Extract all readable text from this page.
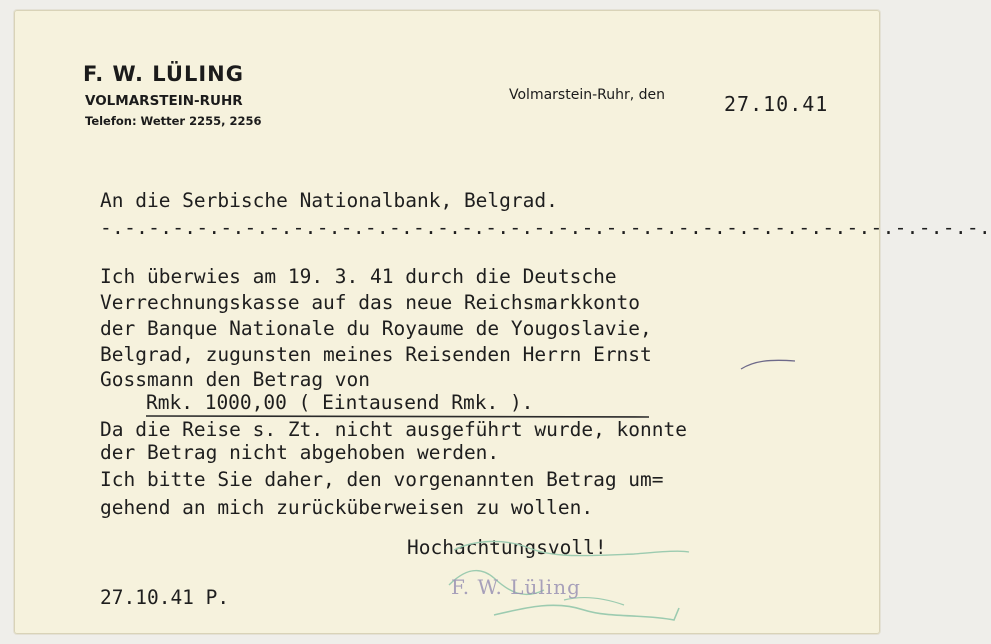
F. W. LÜLING
VOLMARSTEIN-RUHR
Telefon: Wetter 2255, 2256
Volmarstein-Ruhr, den	27.10.41
An die Serbische Nationalbank, Belgrad.
-.-.-.-.-.-.-.-.-.-.-.-.-.-.-.-.-.-.-.-.-.-.-.-.-.-.-.-.-.-.-.-.-.-.-.-.-.
Ich überwies am 19. 3. 41 durch die Deutsche
Verrechnungskasse auf das neue Reichsmarkkonto
der Banque Nationale du Royaume de Yougoslavie,
Belgrad, zugunsten meines Reisenden Herrn Ernst
Gossmann den Betrag von
Rmk. 1000,00 ( Eintausend Rmk. ).
Da die Reise s. Zt. nicht ausgeführt wurde, konnte
der Betrag nicht abgehoben werden.
Ich bitte Sie daher, den vorgenannten Betrag um=
gehend an mich zurücküberweisen zu wollen.
Hochachtungsvoll!
F. W. Lüling
27.10.41 P.
